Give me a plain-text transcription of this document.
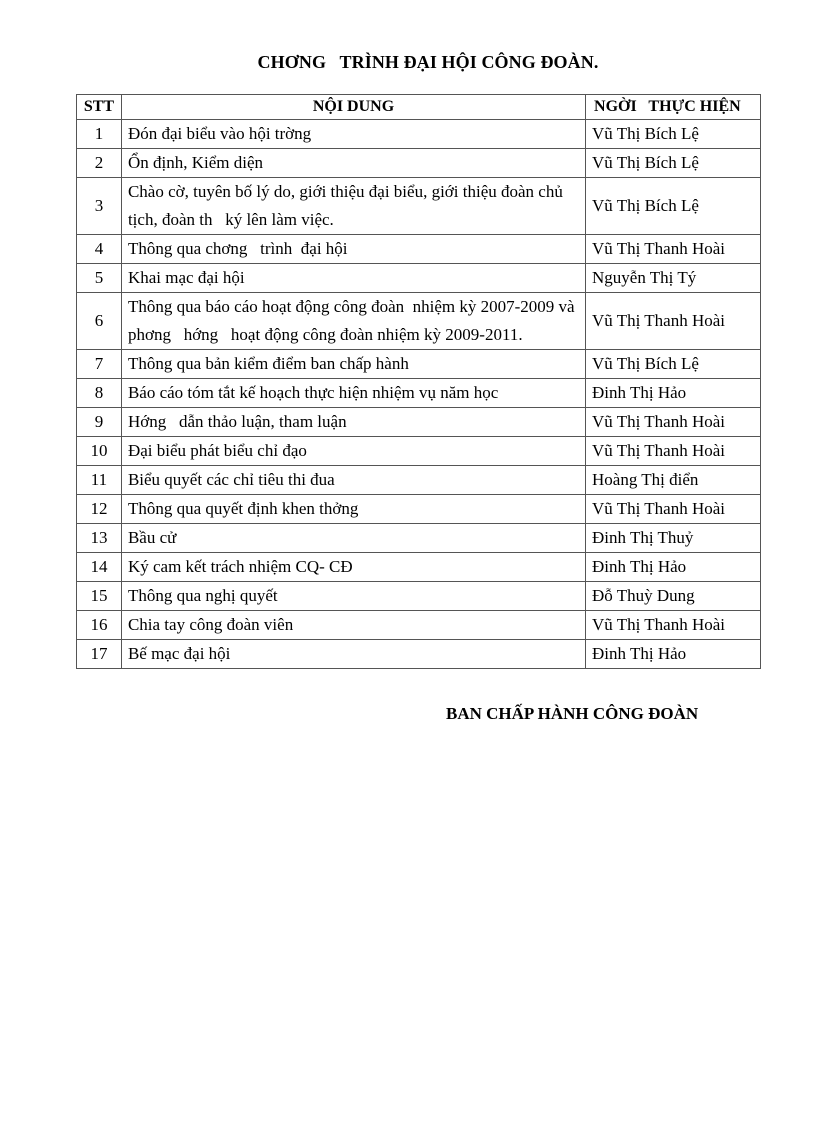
CHƠNG   TRÌNH ĐẠI HỘI CÔNG ĐOÀN.
STT	NỘI DUNG	NGỜI   THỰC HIỆN
1	Đón đại biểu vào hội trờng	Vũ Thị Bích Lệ
2	Ổn định, Kiểm diện	Vũ Thị Bích Lệ
3	Chào cờ, tuyên bố lý do, giới thiệu đại biểu, giới thiệu đoàn chủ tịch, đoàn th   ký lên làm việc.	Vũ Thị Bích Lệ
4	Thông qua chơng   trình  đại hội	Vũ Thị Thanh Hoài
5	Khai mạc đại hội	Nguyễn Thị Tý
6	Thông qua báo cáo hoạt động công đoàn  nhiệm kỳ 2007-2009 và phơng   hớng   hoạt động công đoàn nhiệm kỳ 2009-2011.	Vũ Thị Thanh Hoài
7	Thông qua bản kiểm điểm ban chấp hành	Vũ Thị Bích Lệ
8	Báo cáo tóm tắt kế hoạch thực hiện nhiệm vụ năm học	Đinh Thị Hảo
9	Hớng   dẫn thảo luận, tham luận	Vũ Thị Thanh Hoài
10	Đại biểu phát biểu chỉ đạo	Vũ Thị Thanh Hoài
11	Biểu quyết các chỉ tiêu thi đua	Hoàng Thị điển
12	Thông qua quyết định khen thởng	Vũ Thị Thanh Hoài
13	Bầu cử	Đinh Thị Thuỷ
14	Ký cam kết trách nhiệm CQ- CĐ	Đinh Thị Hảo
15	Thông qua nghị quyết	Đỗ Thuỳ Dung
16	Chia tay công đoàn viên	Vũ Thị Thanh Hoài
17	Bế mạc đại hội	Đinh Thị Hảo
BAN CHẤP HÀNH CÔNG ĐOÀN
